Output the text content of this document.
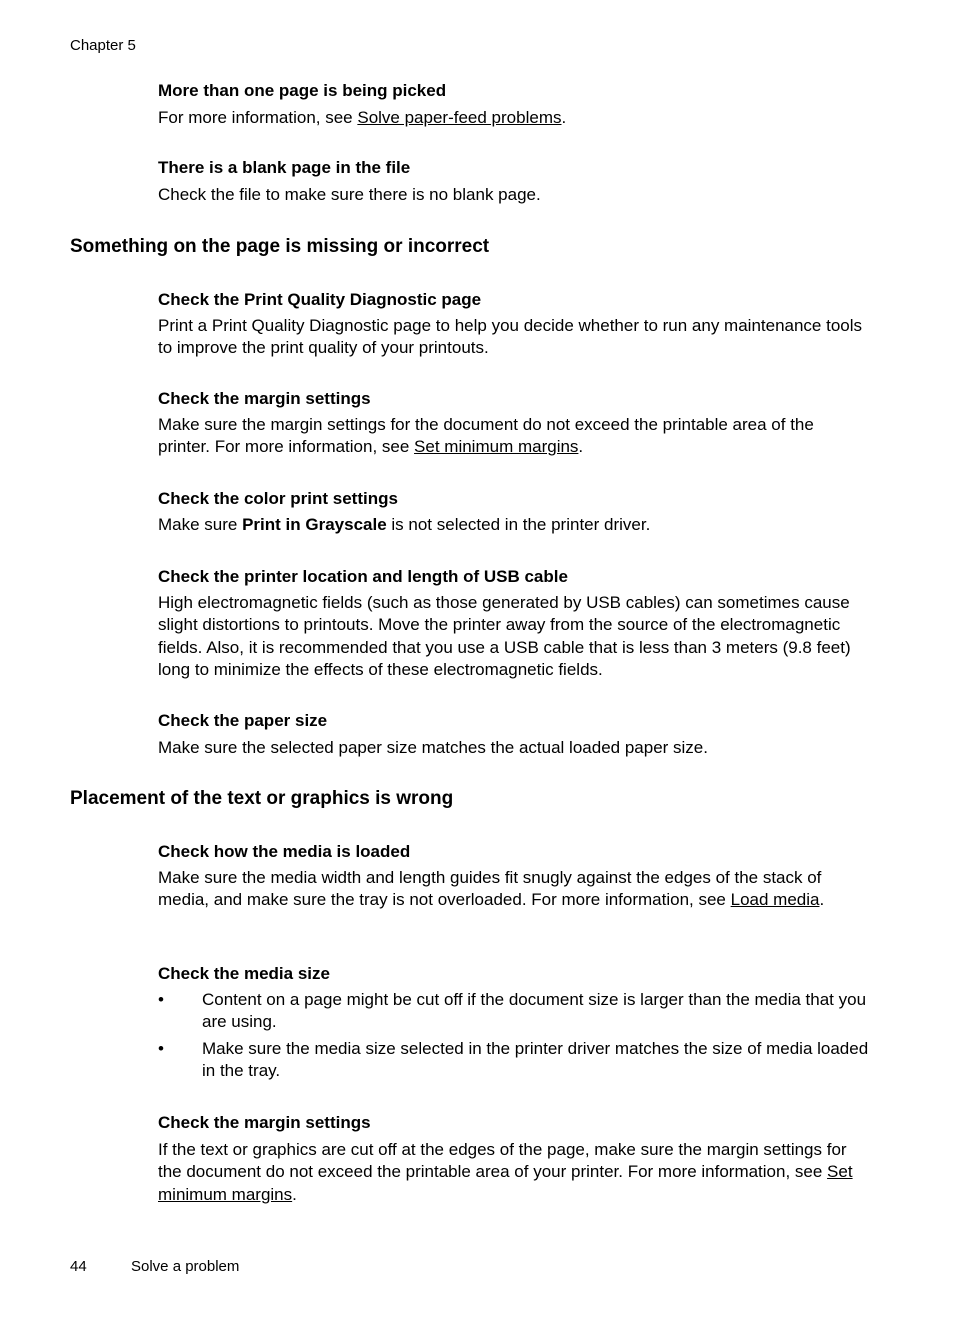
Chapter 5
More than one page is being picked
For more information, see Solve paper-feed problems.
There is a blank page in the file
Check the file to make sure there is no blank page.
Something on the page is missing or incorrect
Check the Print Quality Diagnostic page
Print a Print Quality Diagnostic page to help you decide whether to run any maintenance tools to improve the print quality of your printouts.
Check the margin settings
Make sure the margin settings for the document do not exceed the printable area of the printer. For more information, see Set minimum margins.
Check the color print settings
Make sure Print in Grayscale is not selected in the printer driver.
Check the printer location and length of USB cable
High electromagnetic fields (such as those generated by USB cables) can sometimes cause slight distortions to printouts. Move the printer away from the source of the electromagnetic fields. Also, it is recommended that you use a USB cable that is less than 3 meters (9.8 feet) long to minimize the effects of these electromagnetic fields.
Check the paper size
Make sure the selected paper size matches the actual loaded paper size.
Placement of the text or graphics is wrong
Check how the media is loaded
Make sure the media width and length guides fit snugly against the edges of the stack of media, and make sure the tray is not overloaded. For more information, see Load media.
Check the media size
• Content on a page might be cut off if the document size is larger than the media that you are using.
• Make sure the media size selected in the printer driver matches the size of media loaded in the tray.
Check the margin settings
If the text or graphics are cut off at the edges of the page, make sure the margin settings for the document do not exceed the printable area of your printer. For more information, see Set minimum margins.
44	Solve a problem
